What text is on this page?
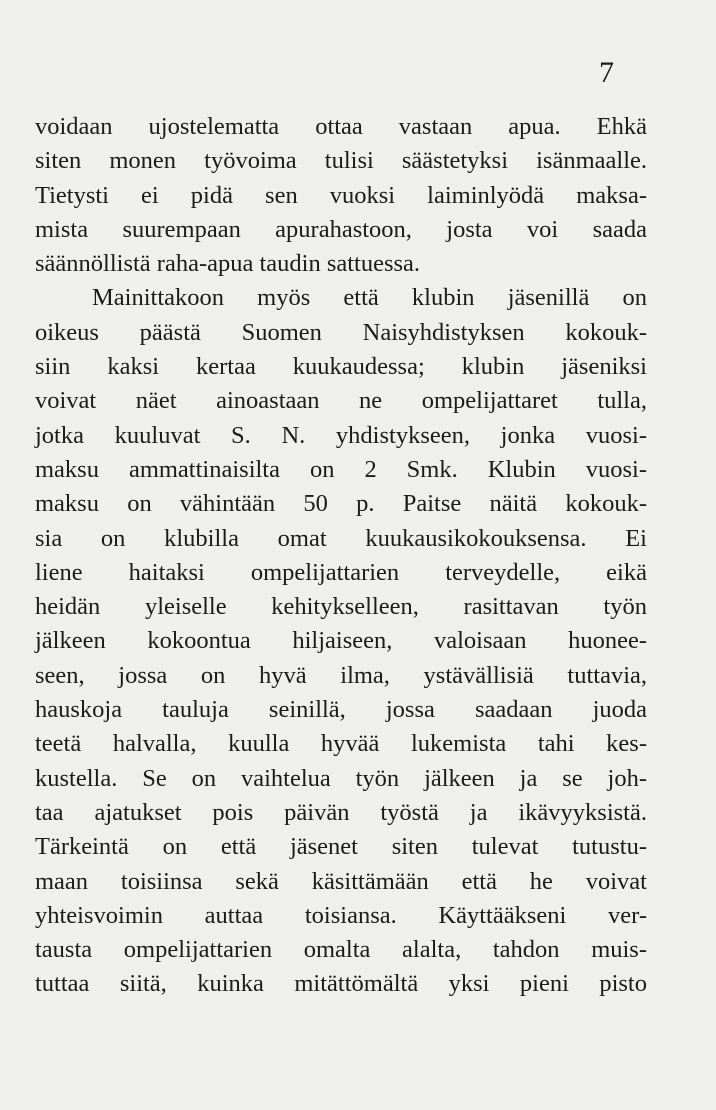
7
voidaan ujostelematta ottaa vastaan apua. Ehkä
siten monen työvoima tulisi säästetyksi isänmaalle.
Tietysti ei pidä sen vuoksi laiminlyödä maksa-
mista suurempaan apurahastoon, josta voi saada
säännöllistä raha-apua taudin sattuessa.
Mainittakoon myös että klubin jäsenillä on
oikeus päästä Suomen Naisyhdistyksen kokouk-
siin kaksi kertaa kuukaudessa; klubin jäseniksi
voivat näet ainoastaan ne ompelijattaret tulla,
jotka kuuluvat S. N. yhdistykseen, jonka vuosi-
maksu ammattinaisilta on 2 Smk. Klubin vuosi-
maksu on vähintään 50 p. Paitse näitä kokouk-
sia on klubilla omat kuukausikokouksensa. Ei
liene haitaksi ompelijattarien terveydelle, eikä
heidän yleiselle kehitykselleen, rasittavan työn
jälkeen kokoontua hiljaiseen, valoisaan huonee-
seen, jossa on hyvä ilma, ystävällisiä tuttavia,
hauskoja tauluja seinillä, jossa saadaan juoda
teetä halvalla, kuulla hyvää lukemista tahi kes-
kustella. Se on vaihtelua työn jälkeen ja se joh-
taa ajatukset pois päivän työstä ja ikävyyksistä.
Tärkeintä on että jäsenet siten tulevat tutustu-
maan toisiinsa sekä käsittämään että he voivat
yhteisvoimin auttaa toisiansa. Käyttääkseni ver-
tausta ompelijattarien omalta alalta, tahdon muis-
tuttaa siitä, kuinka mitättömältä yksi pieni pisto
